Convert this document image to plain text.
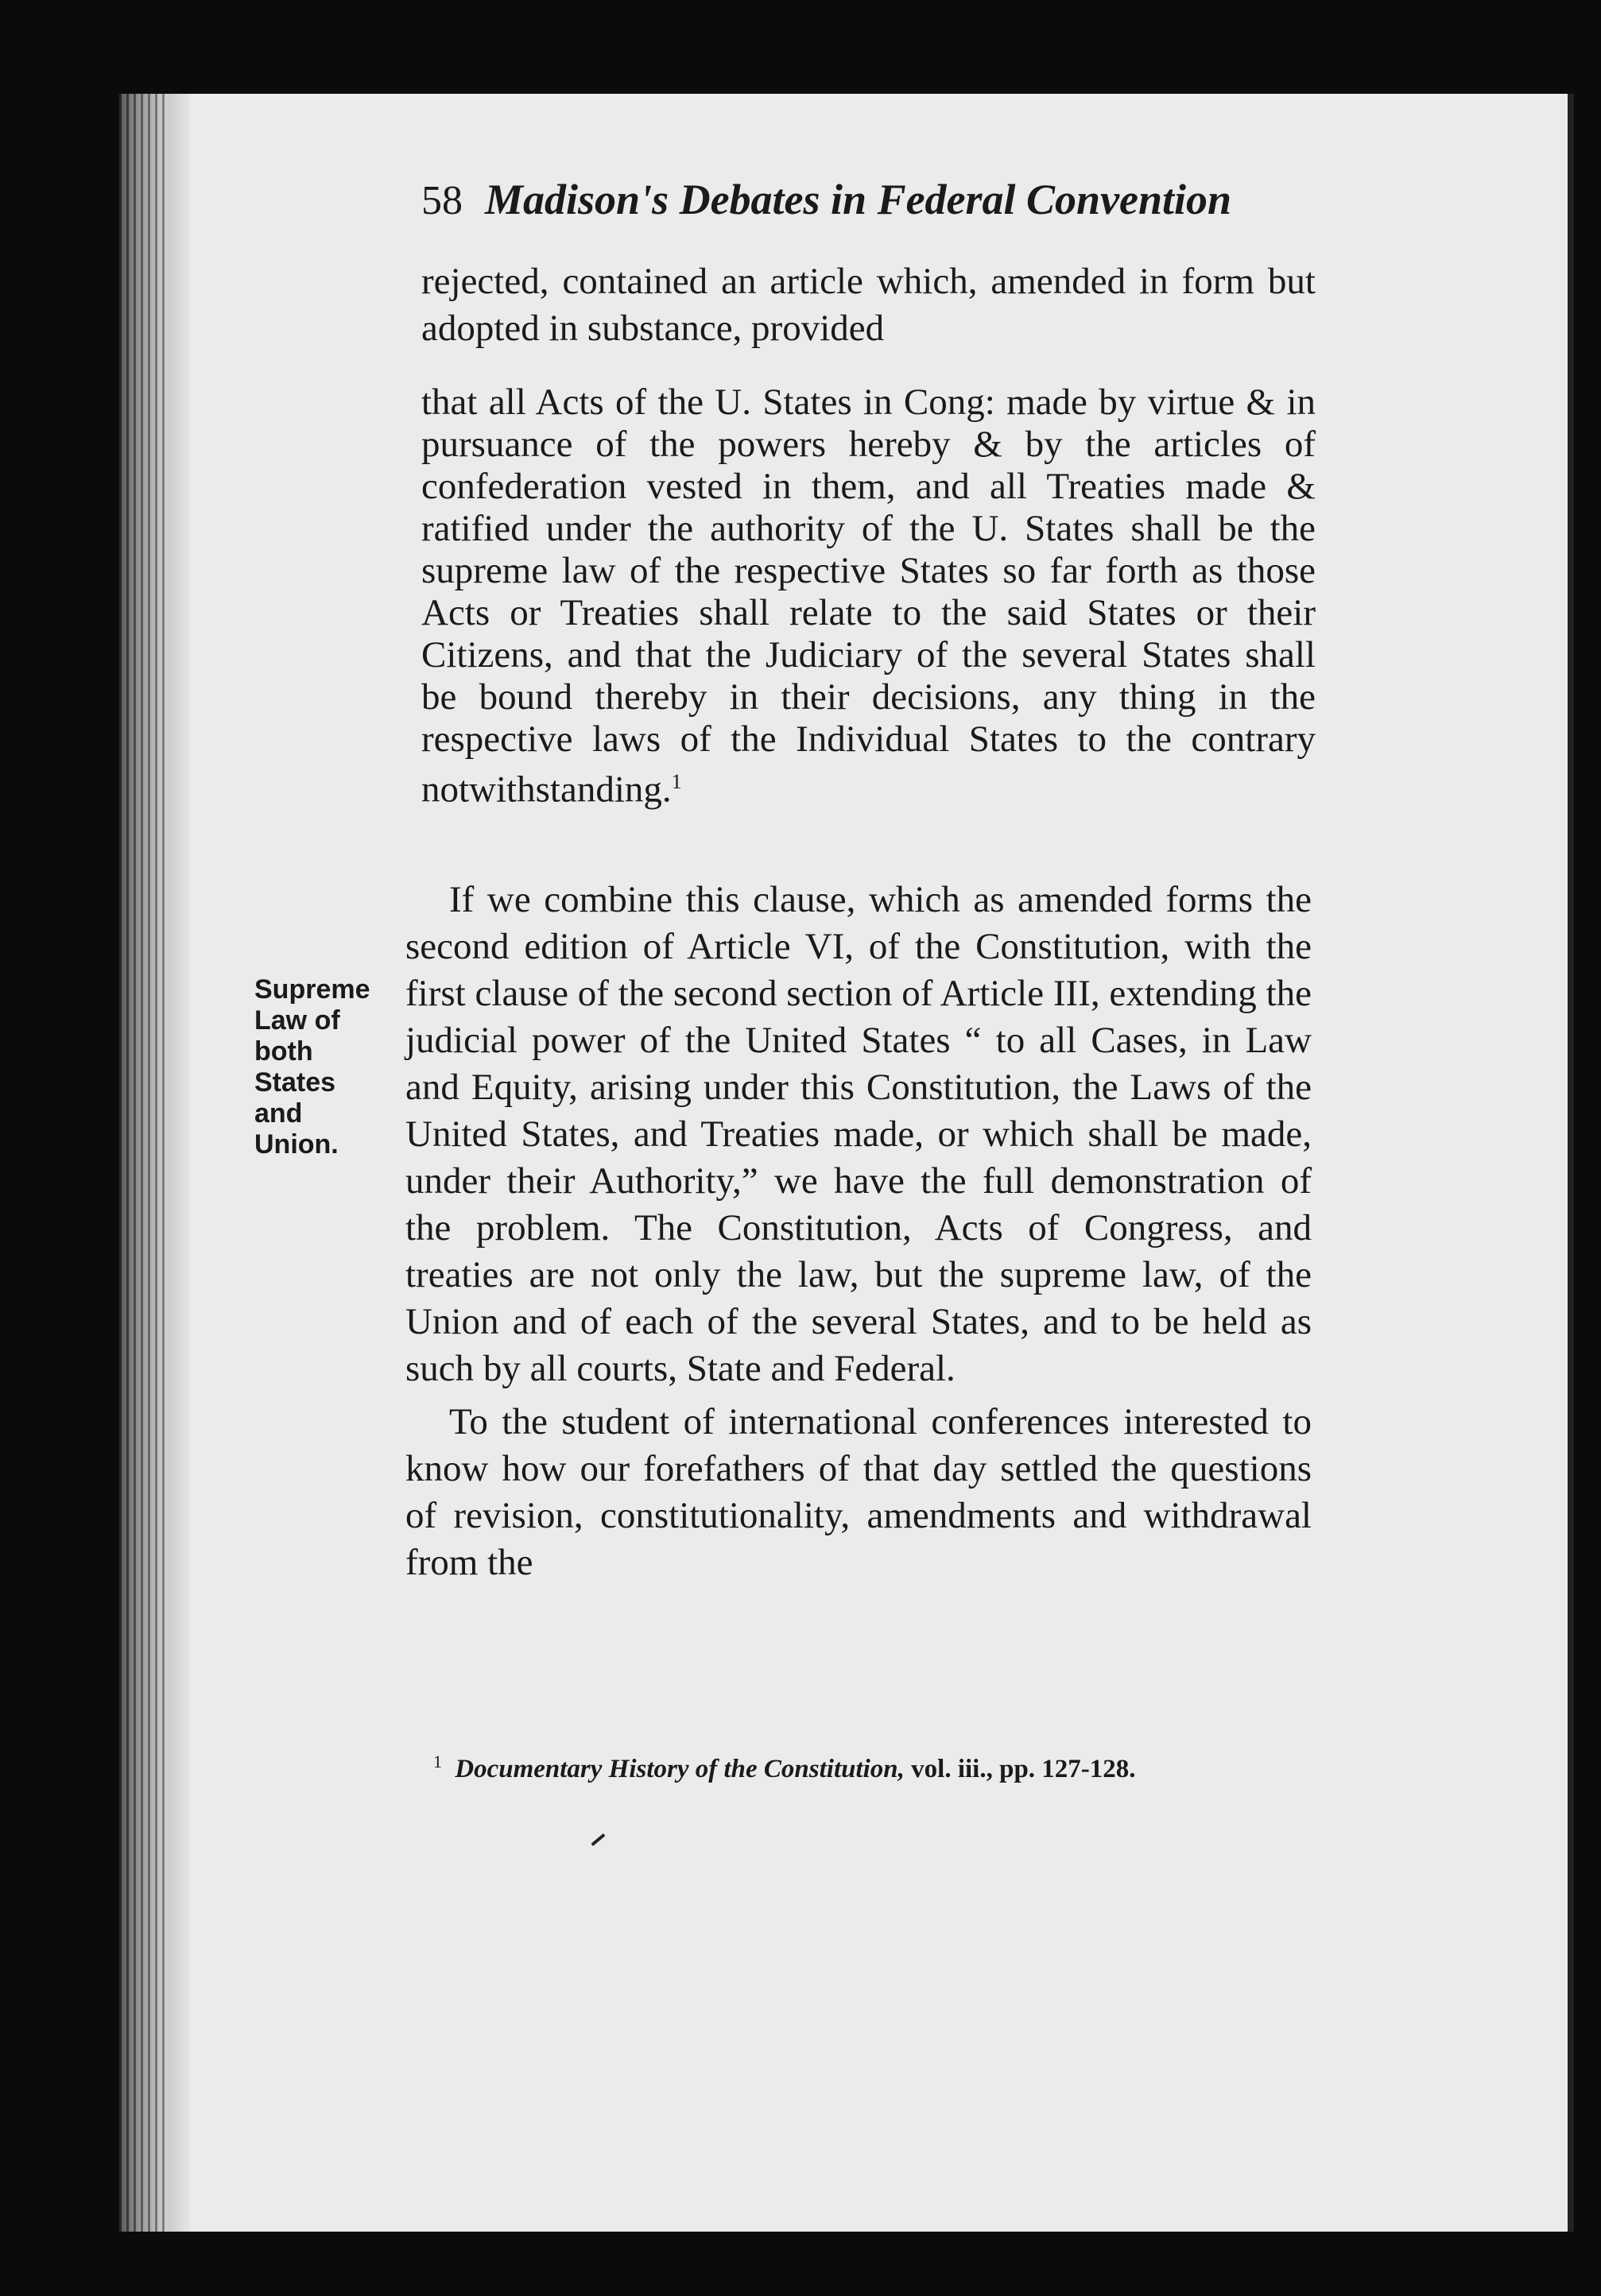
58 Madison's Debates in Federal Convention

rejected, contained an article which, amended in form but adopted in substance, provided

that all Acts of the U. States in Cong: made by virtue & in pursuance of the powers hereby & by the articles of confederation vested in them, and all Treaties made & ratified under the authority of the U. States shall be the supreme law of the respective States so far forth as those Acts or Treaties shall relate to the said States or their Citizens, and that the Judiciary of the several States shall be bound thereby in their decisions, any thing in the respective laws of the Individual States to the contrary notwithstanding.$^1$

Supreme
Law of
both
States
and
Union.

If we combine this clause, which as amended forms the second edition of Article VI, of the Constitution, with the first clause of the second section of Article III, extending the judicial power of the United States “ to all Cases, in Law and Equity, arising under this Constitution, the Laws of the United States, and Treaties made, or which shall be made, under their Authority,” we have the full demonstration of the problem. The Constitution, Acts of Congress, and treaties are not only the law, but the supreme law, of the Union and of each of the several States, and to be held as such by all courts, State and Federal.

To the student of international conferences interested to know how our forefathers of that day settled the questions of revision, constitutionality, amendments and withdrawal from the

$^1$ Documentary History of the Constitution, vol. iii., pp. 127-128.
